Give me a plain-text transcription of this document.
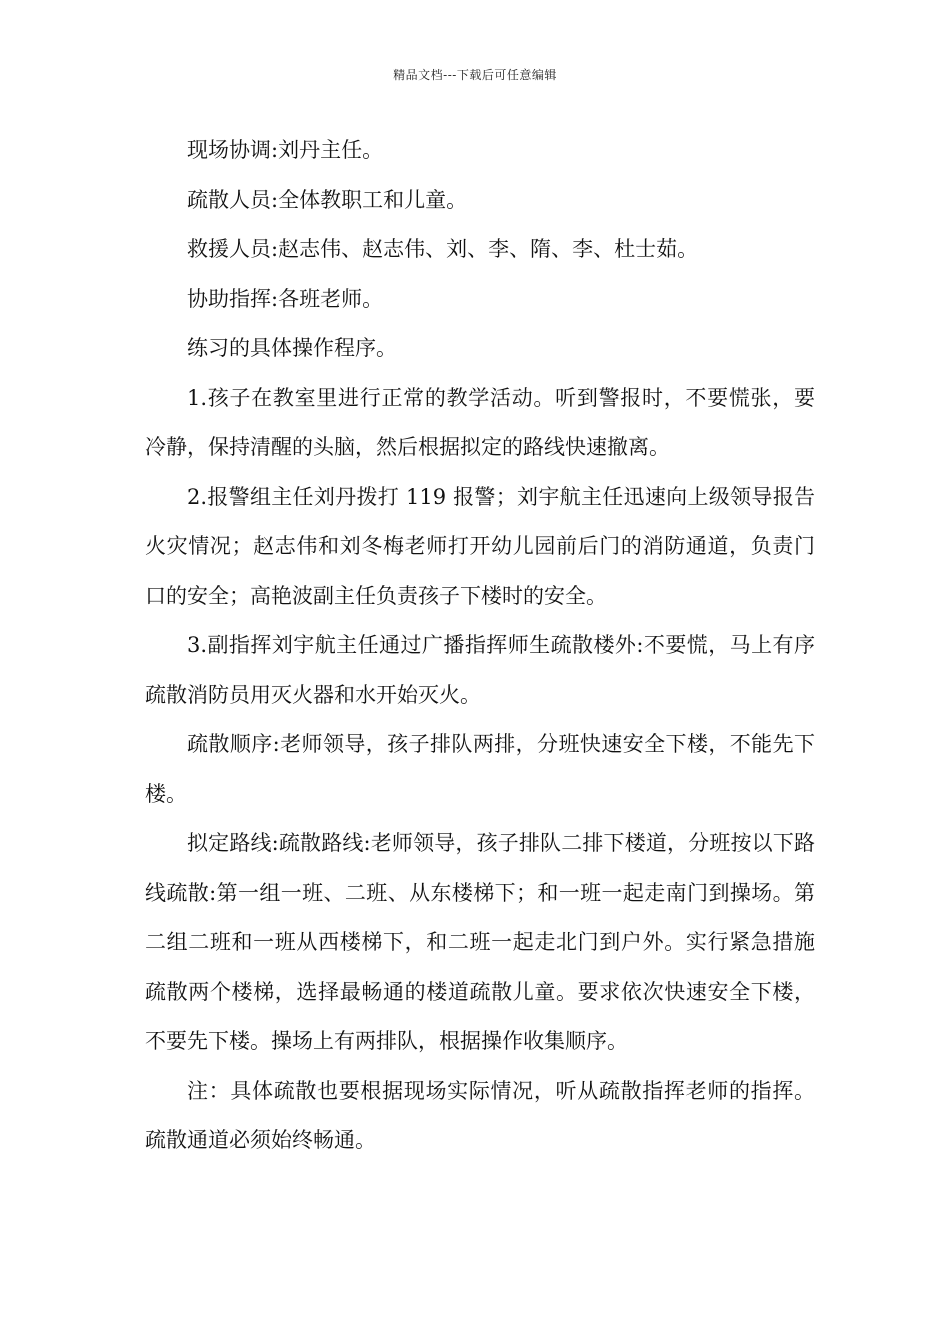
精品文档---下载后可任意编辑

现场协调:刘丹主任。

疏散人员:全体教职工和儿童。

救援人员:赵志伟、赵志伟、刘、李、隋、李、杜士茹。

协助指挥:各班老师。

练习的具体操作程序。

1.孩子在教室里进行正常的教学活动。听到警报时，不要慌张，要冷静，保持清醒的头脑，然后根据拟定的路线快速撤离。

2.报警组主任刘丹拨打 119 报警；刘宇航主任迅速向上级领导报告火灾情况；赵志伟和刘冬梅老师打开幼儿园前后门的消防通道，负责门口的安全；高艳波副主任负责孩子下楼时的安全。

3.副指挥刘宇航主任通过广播指挥师生疏散楼外:不要慌，马上有序疏散消防员用灭火器和水开始灭火。

疏散顺序:老师领导，孩子排队两排，分班快速安全下楼，不能先下楼。

拟定路线:疏散路线:老师领导，孩子排队二排下楼道，分班按以下路线疏散:第一组一班、二班、从东楼梯下；和一班一起走南门到操场。第二组二班和一班从西楼梯下，和二班一起走北门到户外。实行紧急措施疏散两个楼梯，选择最畅通的楼道疏散儿童。要求依次快速安全下楼，不要先下楼。操场上有两排队，根据操作收集顺序。

注：具体疏散也要根据现场实际情况，听从疏散指挥老师的指挥。疏散通道必须始终畅通。
